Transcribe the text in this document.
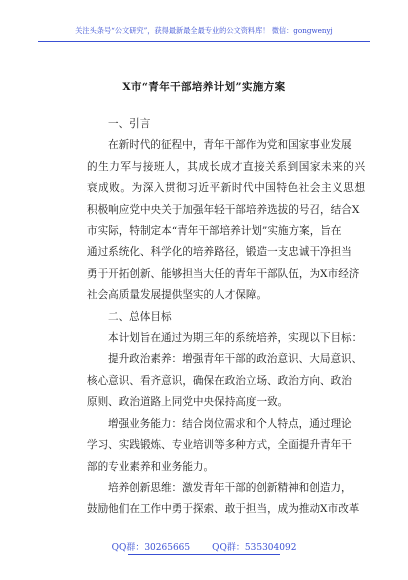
关注头条号“公文研究”，获得最新最全最专业的公文资料库！ 微信：gongwenyj
X市“青年干部培养计划”实施方案

一、引言

在新时代的征程中，青年干部作为党和国家事业发展
的生力军与接班人，其成长成才直接关系到国家未来的兴
衰成败。为深入贯彻习近平新时代中国特色社会主义思想
积极响应党中央关于加强年轻干部培养选拔的号召，结合X
市实际，特制定本“青年干部培养计划”实施方案，旨在
通过系统化、科学化的培养路径，锻造一支忠诚干净担当
勇于开拓创新、能够担当大任的青年干部队伍，为X市经济
社会高质量发展提供坚实的人才保障。

二、总体目标

本计划旨在通过为期三年的系统培养，实现以下目标：

提升政治素养：增强青年干部的政治意识、大局意识、
核心意识、看齐意识，确保在政治立场、政治方向、政治
原则、政治道路上同党中央保持高度一致。

增强业务能力：结合岗位需求和个人特点，通过理论
学习、实践锻炼、专业培训等多种方式，全面提升青年干
部的专业素养和业务能力。

培养创新思维：激发青年干部的创新精神和创造力，
鼓励他们在工作中勇于探索、敢于担当，成为推动X市改革

QQ群：30265665 QQ群：535304092
